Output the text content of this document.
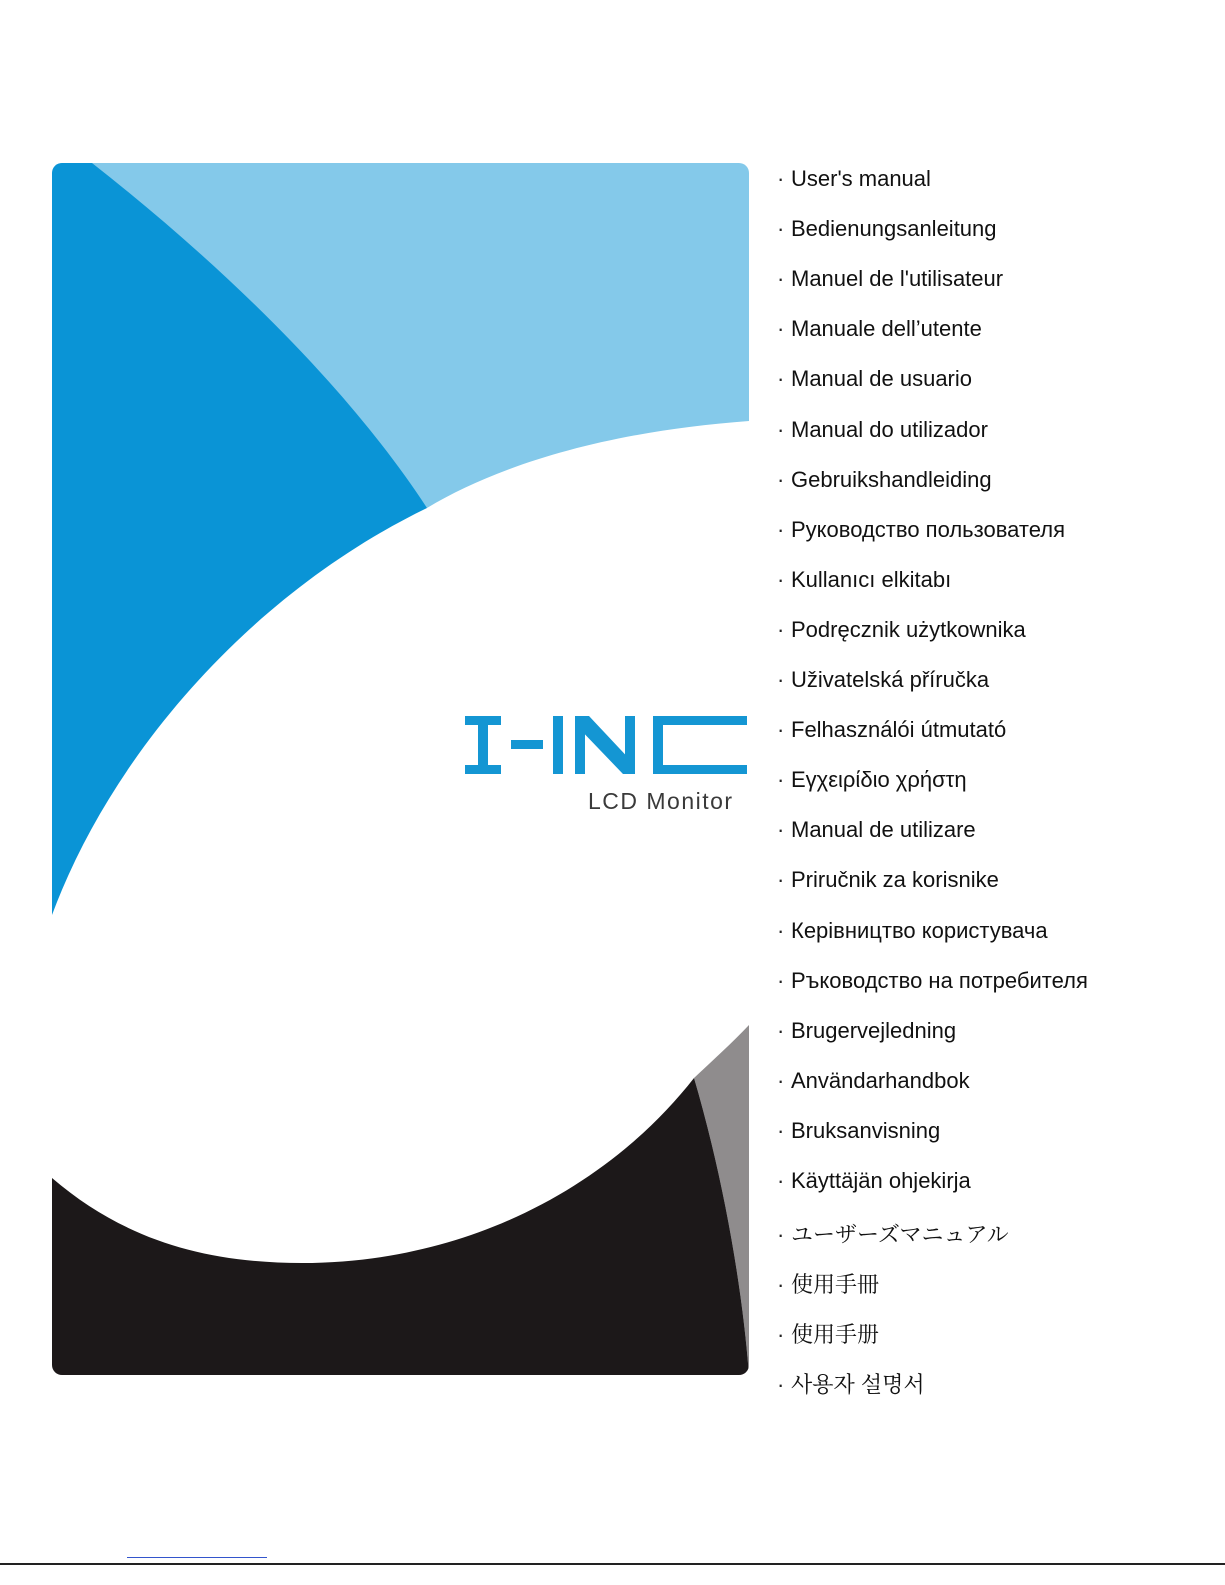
LCD Monitor
· User's manual
· Bedienungsanleitung
· Manuel de l'utilisateur
· Manuale dell’utente
· Manual de usuario
· Manual do utilizador
· Gebruikshandleiding
· Руководство пользователя
· Kullanıcı elkitabı
· Podręcznik użytkownika
· Uživatelská příručka
· Felhasználói útmutató
· Εγχειρίδιο χρήστη
· Manual de utilizare
· Priručnik za korisnike
· Керівництво користувача
· Ръководство на потребителя
· Brugervejledning
· Användarhandbok
· Bruksanvisning
· Käyttäjän ohjekirja
· ユーザーズマニュアル
· 使用手冊
· 使用手册
· 사용자 설명서
